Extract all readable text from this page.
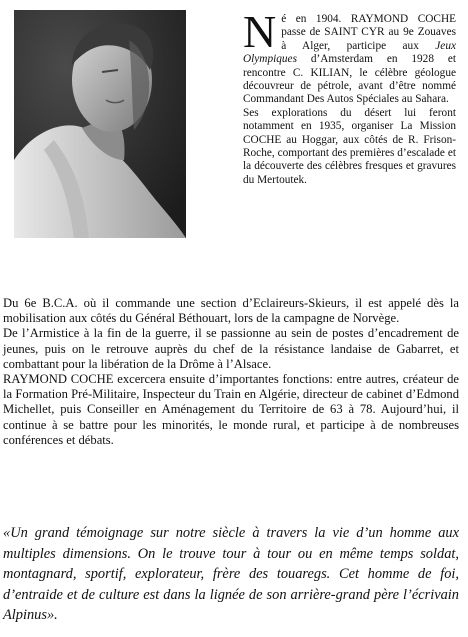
Né en 1904. RAYMOND COCHE passe de SAINT CYR au 9e Zouaves à Alger, participe aux Jeux Olympiques d’Amsterdam en 1928 et rencontre C. KILIAN, le célèbre géologue découvreur de pétrole, avant d’être nommé Commandant Des Autos Spéciales au Sahara.

Ses explorations du désert lui feront notamment en 1935, organiser La Mission COCHE au Hoggar, aux côtés de R. Frison-Roche, comportant des premières d’escalade et la découverte des célèbres fresques et gravures du Mertoutek.

Du 6e B.C.A. où il commande une section d’Eclaireurs-Skieurs, il est appelé dès la mobilisation aux côtés du Général Béthouart, lors de la campagne de Norvège.

De l’Armistice à la fin de la guerre, il se passionne au sein de postes d’encadrement de jeunes, puis on le retrouve auprès du chef de la résistance landaise de Gabarret, et combattant pour la libération de la Drôme à l’Alsace.

RAYMOND COCHE excercera ensuite d’importantes fonctions: entre autres, créateur de la Formation Pré-Militaire, Inspecteur du Train en Algérie, directeur de cabinet d’Edmond Michellet, puis Conseiller en Aménagement du Territoire de 63 à 78. Aujourd’hui, il continue à se battre pour les minorités, le monde rural, et participe à de nombreuses conférences et débats.

«Un grand témoignage sur notre siècle à travers la vie d’un homme aux multiples dimensions. On le trouve tour à tour ou en même temps soldat, montagnard, sportif, explorateur, frère des touaregs. Cet homme de foi, d’entraide et de culture est dans la lignée de son arrière-grand père l’écrivain Alpinus».
